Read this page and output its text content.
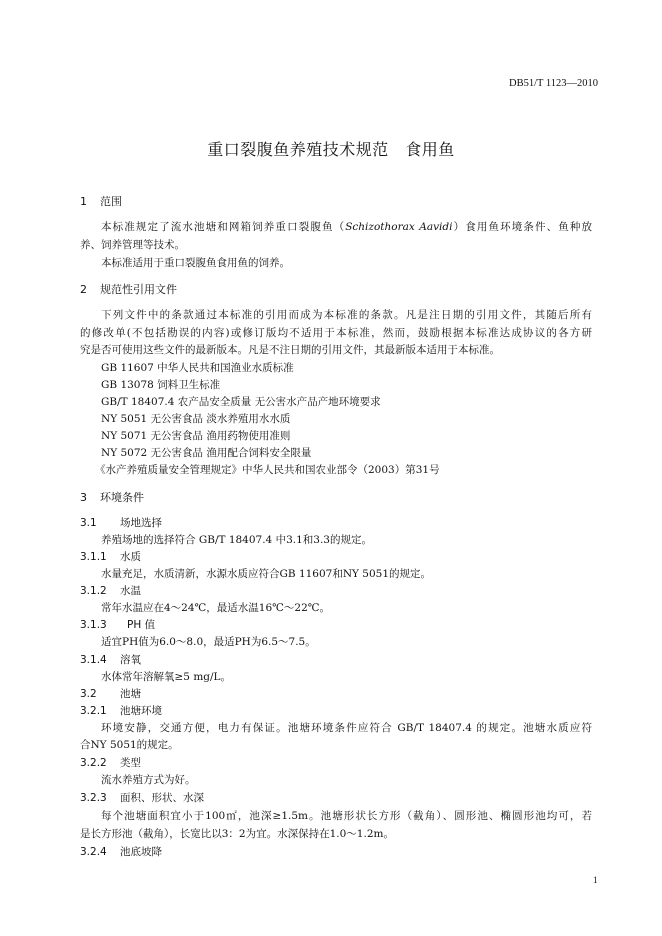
DB51/T 1123—2010
重口裂腹鱼养殖技术规范　食用鱼
1 范围
本标准规定了流水池塘和网箱饲养重口裂腹鱼（Schizothorax Aavidi）食用鱼环境条件、鱼种放
养、饲养管理等技术。
本标准适用于重口裂腹鱼食用鱼的饲养。
2 规范性引用文件
下列文件中的条款通过本标准的引用而成为本标准的条款。凡是注日期的引用文件，其随后所有
的修改单(不包括勘误的内容)或修订版均不适用于本标准，然而，鼓励根据本标准达成协议的各方研
究是否可使用这些文件的最新版本。凡是不注日期的引用文件，其最新版本适用于本标准。
GB 11607 中华人民共和国渔业水质标准
GB 13078 饲料卫生标准
GB/T 18407.4 农产品安全质量 无公害水产品产地环境要求
NY 5051 无公害食品 淡水养殖用水水质
NY 5071 无公害食品 渔用药物使用准则
NY 5072 无公害食品 渔用配合饲料安全限量
《水产养殖质量安全管理规定》中华人民共和国农业部令（2003）第31号
3 环境条件
3.1 场地选择
养殖场地的选择符合 GB/T 18407.4 中3.1和3.3的规定。
3.1.1 水质
水量充足，水质清新，水源水质应符合GB 11607和NY 5051的规定。
3.1.2 水温
常年水温应在4～24℃，最适水温16℃～22℃。
3.1.3 PH 值
适宜PH值为6.0～8.0，最适PH为6.5～7.5。
3.1.4 溶氧
水体常年溶解氧≥5 mg/L。
3.2 池塘
3.2.1 池塘环境
环境安静，交通方便，电力有保证。池塘环境条件应符合 GB/T 18407.4 的规定。池塘水质应符
合NY 5051的规定。
3.2.2 类型
流水养殖方式为好。
3.2.3 面积、形状、水深
每个池塘面积宜小于100㎡，池深≥1.5m。池塘形状长方形（截角）、圆形池、椭圆形池均可，若
是长方形池（截角），长宽比以3：2为宜。水深保持在1.0～1.2m。
3.2.4 池底坡降
1
